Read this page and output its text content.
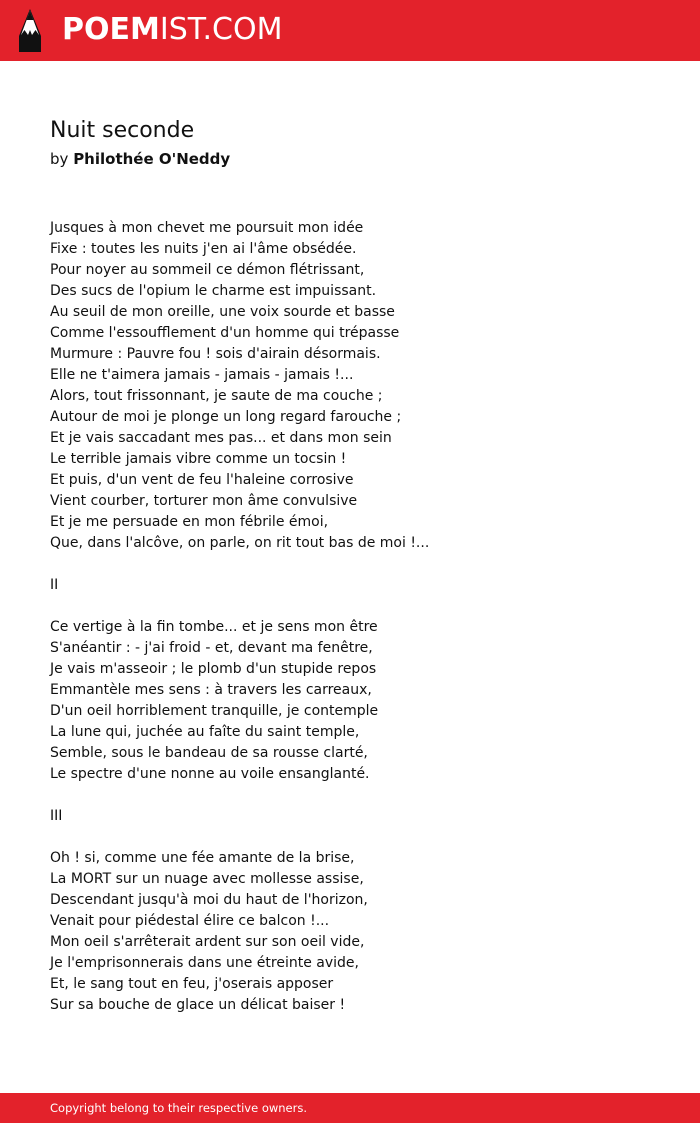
POEMIST.COM
Nuit seconde
by Philothée O'Neddy
Jusques à mon chevet me poursuit mon idée
Fixe : toutes les nuits j'en ai l'âme obsédée.
Pour noyer au sommeil ce démon flétrissant,
Des sucs de l'opium le charme est impuissant.
Au seuil de mon oreille, une voix sourde et basse
Comme l'essoufflement d'un homme qui trépasse
Murmure : Pauvre fou ! sois d'airain désormais.
Elle ne t'aimera jamais - jamais - jamais !...
Alors, tout frissonnant, je saute de ma couche ;
Autour de moi je plonge un long regard farouche ;
Et je vais saccadant mes pas... et dans mon sein
Le terrible jamais vibre comme un tocsin !
Et puis, d'un vent de feu l'haleine corrosive
Vient courber, torturer mon âme convulsive
Et je me persuade en mon fébrile émoi,
Que, dans l'alcôve, on parle, on rit tout bas de moi !...
II
Ce vertige à la fin tombe... et je sens mon être
S'anéantir : - j'ai froid - et, devant ma fenêtre,
Je vais m'asseoir ; le plomb d'un stupide repos
Emmantèle mes sens : à travers les carreaux,
D'un oeil horriblement tranquille, je contemple
La lune qui, juchée au faîte du saint temple,
Semble, sous le bandeau de sa rousse clarté,
Le spectre d'une nonne au voile ensanglanté.
III
Oh ! si, comme une fée amante de la brise,
La MORT sur un nuage avec mollesse assise,
Descendant jusqu'à moi du haut de l'horizon,
Venait pour piédestal élire ce balcon !...
Mon oeil s'arrêterait ardent sur son oeil vide,
Je l'emprisonnerais dans une étreinte avide,
Et, le sang tout en feu, j'oserais apposer
Sur sa bouche de glace un délicat baiser !
Copyright belong to their respective owners.
